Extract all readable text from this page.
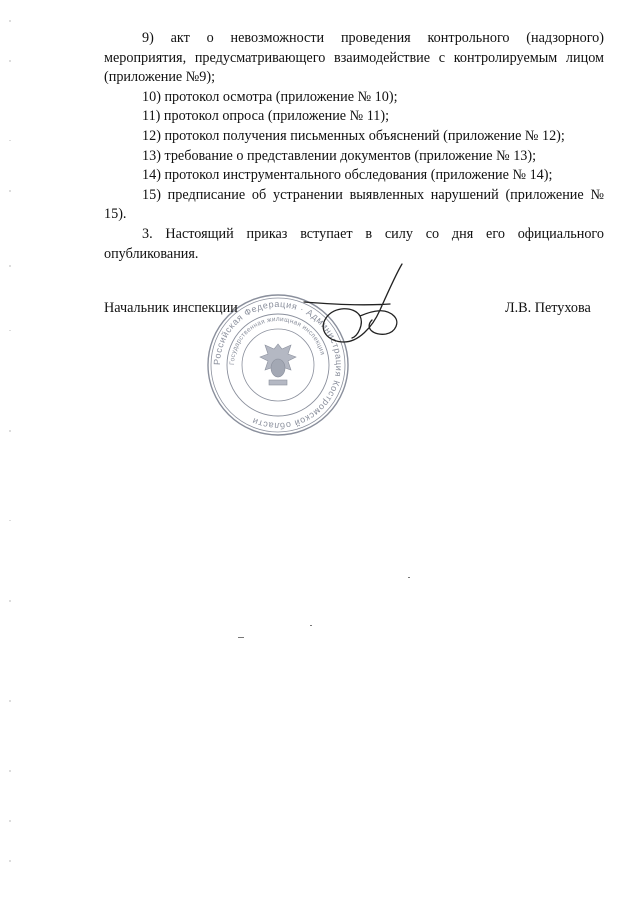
9) акт о невозможности проведения контрольного (надзорного) мероприятия, предусматривающего взаимодействие с контролируемым лицом (приложение №9);

10) протокол осмотра (приложение № 10);

11) протокол опроса (приложение № 11);

12) протокол получения письменных объяснений (приложение № 12);

13) требование о представлении документов (приложение № 13);

14) протокол инструментального обследования (приложение № 14);

15) предписание об устранении выявленных нарушений (приложение № 15).

3. Настоящий приказ вступает в силу со дня его официального опубликования.

Российская Федерация · Администрация Костромской области
Государственная жилищная инспекция
Начальник инспекции	Л.В. Петухова
